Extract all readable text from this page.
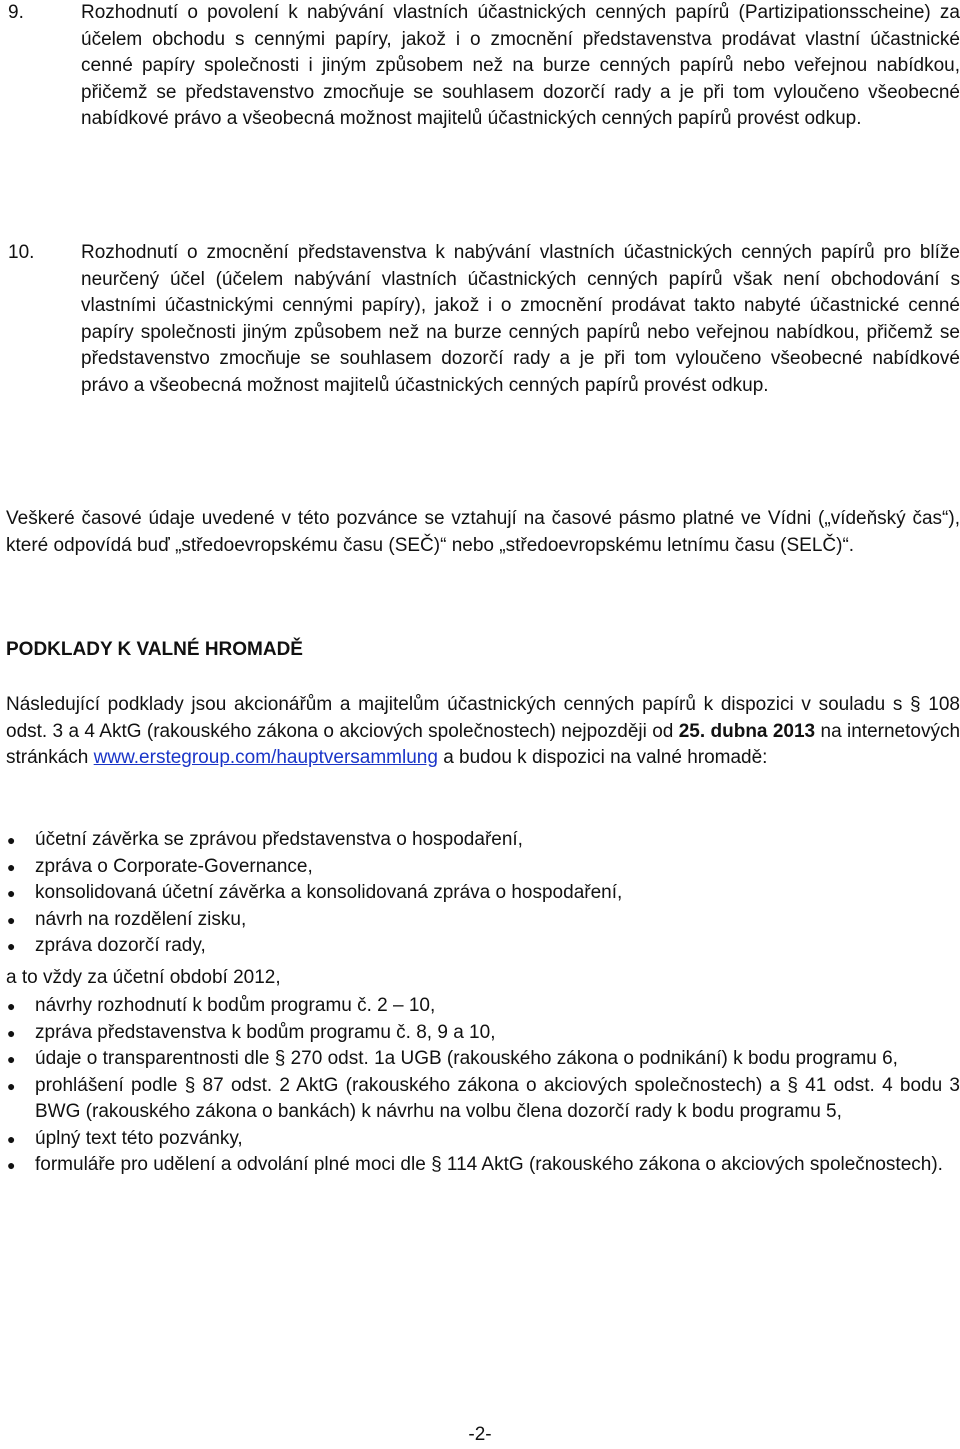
9.	Rozhodnutí o povolení k nabývání vlastních účastnických cenných papírů (Partizipationsscheine) za účelem obchodu s cennými papíry, jakož i o zmocnění představenstva prodávat vlastní účastnické cenné papíry společnosti i jiným způsobem než na burze cenných papírů nebo veřejnou nabídkou, přičemž se představenstvo zmocňuje se souhlasem dozorčí rady a je při tom vyloučeno všeobecné nabídkové právo a všeobecná možnost majitelů účastnických cenných papírů provést odkup.
10. Rozhodnutí o zmocnění představenstva k nabývání vlastních účastnických cenných papírů pro blíže neurčený účel (účelem nabývání vlastních účastnických cenných papírů však není obchodování s vlastními účastnickými cennými papíry), jakož i o zmocnění prodávat takto nabyté účastnické cenné papíry společnosti jiným způsobem než na burze cenných papírů nebo veřejnou nabídkou, přičemž se představenstvo zmocňuje se souhlasem dozorčí rady a je při tom vyloučeno všeobecné nabídkové právo a všeobecná možnost majitelů účastnických cenných papírů provést odkup.

Veškeré časové údaje uvedené v této pozvánce se vztahují na časové pásmo platné ve Vídni („vídeňský čas“), které odpovídá buď „středoevropskému času (SEČ)“ nebo „středoevropskému letnímu času (SELČ)“.

PODKLADY K VALNÉ HROMADĚ

Následující podklady jsou akcionářům a majitelům účastnických cenných papírů k dispozici v souladu s § 108 odst. 3 a 4 AktG (rakouského zákona o akciových společnostech) nejpozději od 25. dubna 2013 na internetových stránkách www.erstegroup.com/hauptversammlung a budou k dispozici na valné hromadě:

● účetní závěrka se zprávou představenstva o hospodaření,
● zpráva o Corporate-Governance,
● konsolidovaná účetní závěrka a konsolidovaná zpráva o hospodaření,
● návrh na rozdělení zisku,
● zpráva dozorčí rady,
a to vždy za účetní období 2012,
● návrhy rozhodnutí k bodům programu č. 2 – 10,
● zpráva představenstva k bodům programu č. 8, 9 a 10,
● údaje o transparentnosti dle § 270 odst. 1a UGB (rakouského zákona o podnikání) k bodu programu 6,
● prohlášení podle § 87 odst. 2 AktG (rakouského zákona o akciových společnostech) a § 41 odst. 4 bodu 3 BWG (rakouského zákona o bankách) k návrhu na volbu člena dozorčí rady k bodu programu 5,
● úplný text této pozvánky,
● formuláře pro udělení a odvolání plné moci dle § 114 AktG (rakouského zákona o akciových společnostech).
-2-
